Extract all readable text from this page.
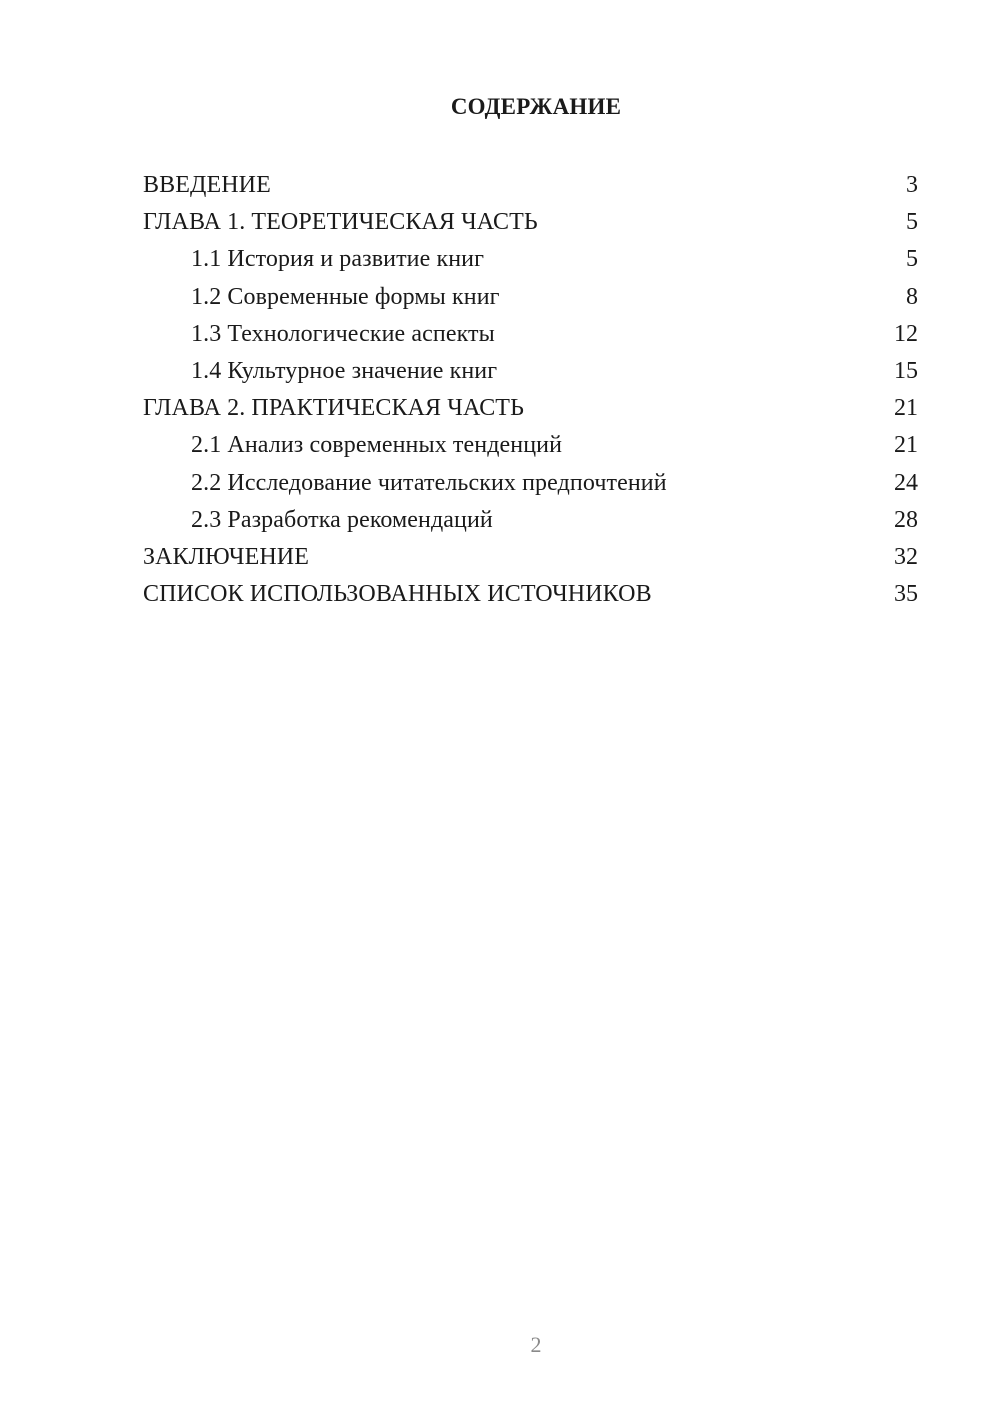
СОДЕРЖАНИЕ
ВВЕДЕНИЕ	3
ГЛАВА 1. ТЕОРЕТИЧЕСКАЯ ЧАСТЬ	5
1.1 История и развитие книг	5
1.2 Современные формы книг	8
1.3 Технологические аспекты	12
1.4 Культурное значение книг	15
ГЛАВА 2. ПРАКТИЧЕСКАЯ ЧАСТЬ	21
2.1 Анализ современных тенденций	21
2.2 Исследование читательских предпочтений	24
2.3 Разработка рекомендаций	28
ЗАКЛЮЧЕНИЕ	32
СПИСОК ИСПОЛЬЗОВАННЫХ ИСТОЧНИКОВ	35
2
